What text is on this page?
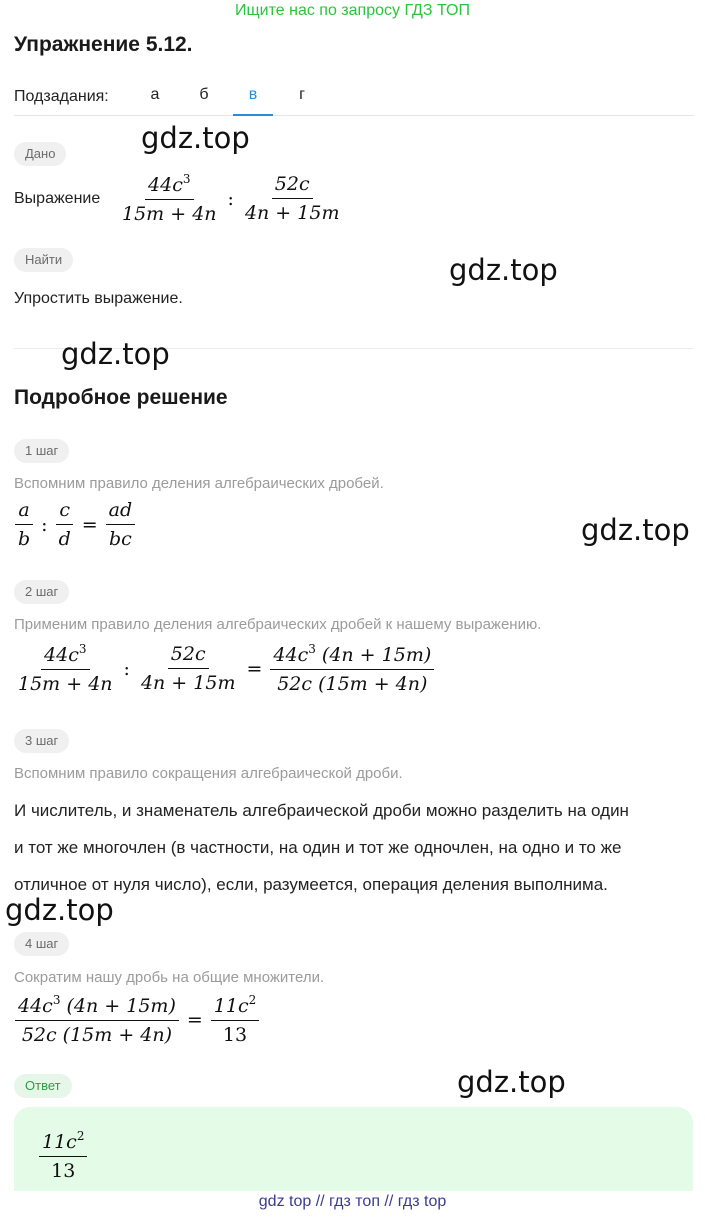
Ищите нас по запросу ГДЗ ТОП
Упражнение 5.12.
Подзадания:	а	б	в	г
Дано
Выражение $\frac{44c^3}{15m + 4n}$ : $\frac{52c}{4n + 15m}$
Найти
Упростить выражение.
Подробное решение
1 шаг
Вспомним правило деления алгебраических дробей.
$\frac{a}{b}$ : $\frac{c}{d} = \frac{ad}{bc}$
2 шаг
Применим правило деления алгебраических дробей к нашему выражению.
$\frac{44c^3}{15m + 4n}$ : $\frac{52c}{4n + 15m} = \frac{44c^3 (4n + 15m)}{52c (15m + 4n)}$
3 шаг
Вспомним правило сокращения алгебраической дроби.
И числитель, и знаменатель алгебраической дроби можно разделить на один
и тот же многочлен (в частности, на один и тот же одночлен, на одно и то же
отличное от нуля число), если, разумеется, операция деления выполнима.
4 шаг
Сократим нашу дробь на общие множители.
$\frac{44c^3 (4n + 15m)}{52c (15m + 4n)} = \frac{11c^2}{13}$
Ответ
$\frac{11c^2}{13}$
gdz.top
gdz.top
gdz.top
gdz.top
gdz.top
gdz.top
gdz top // гдз топ // гдз top
